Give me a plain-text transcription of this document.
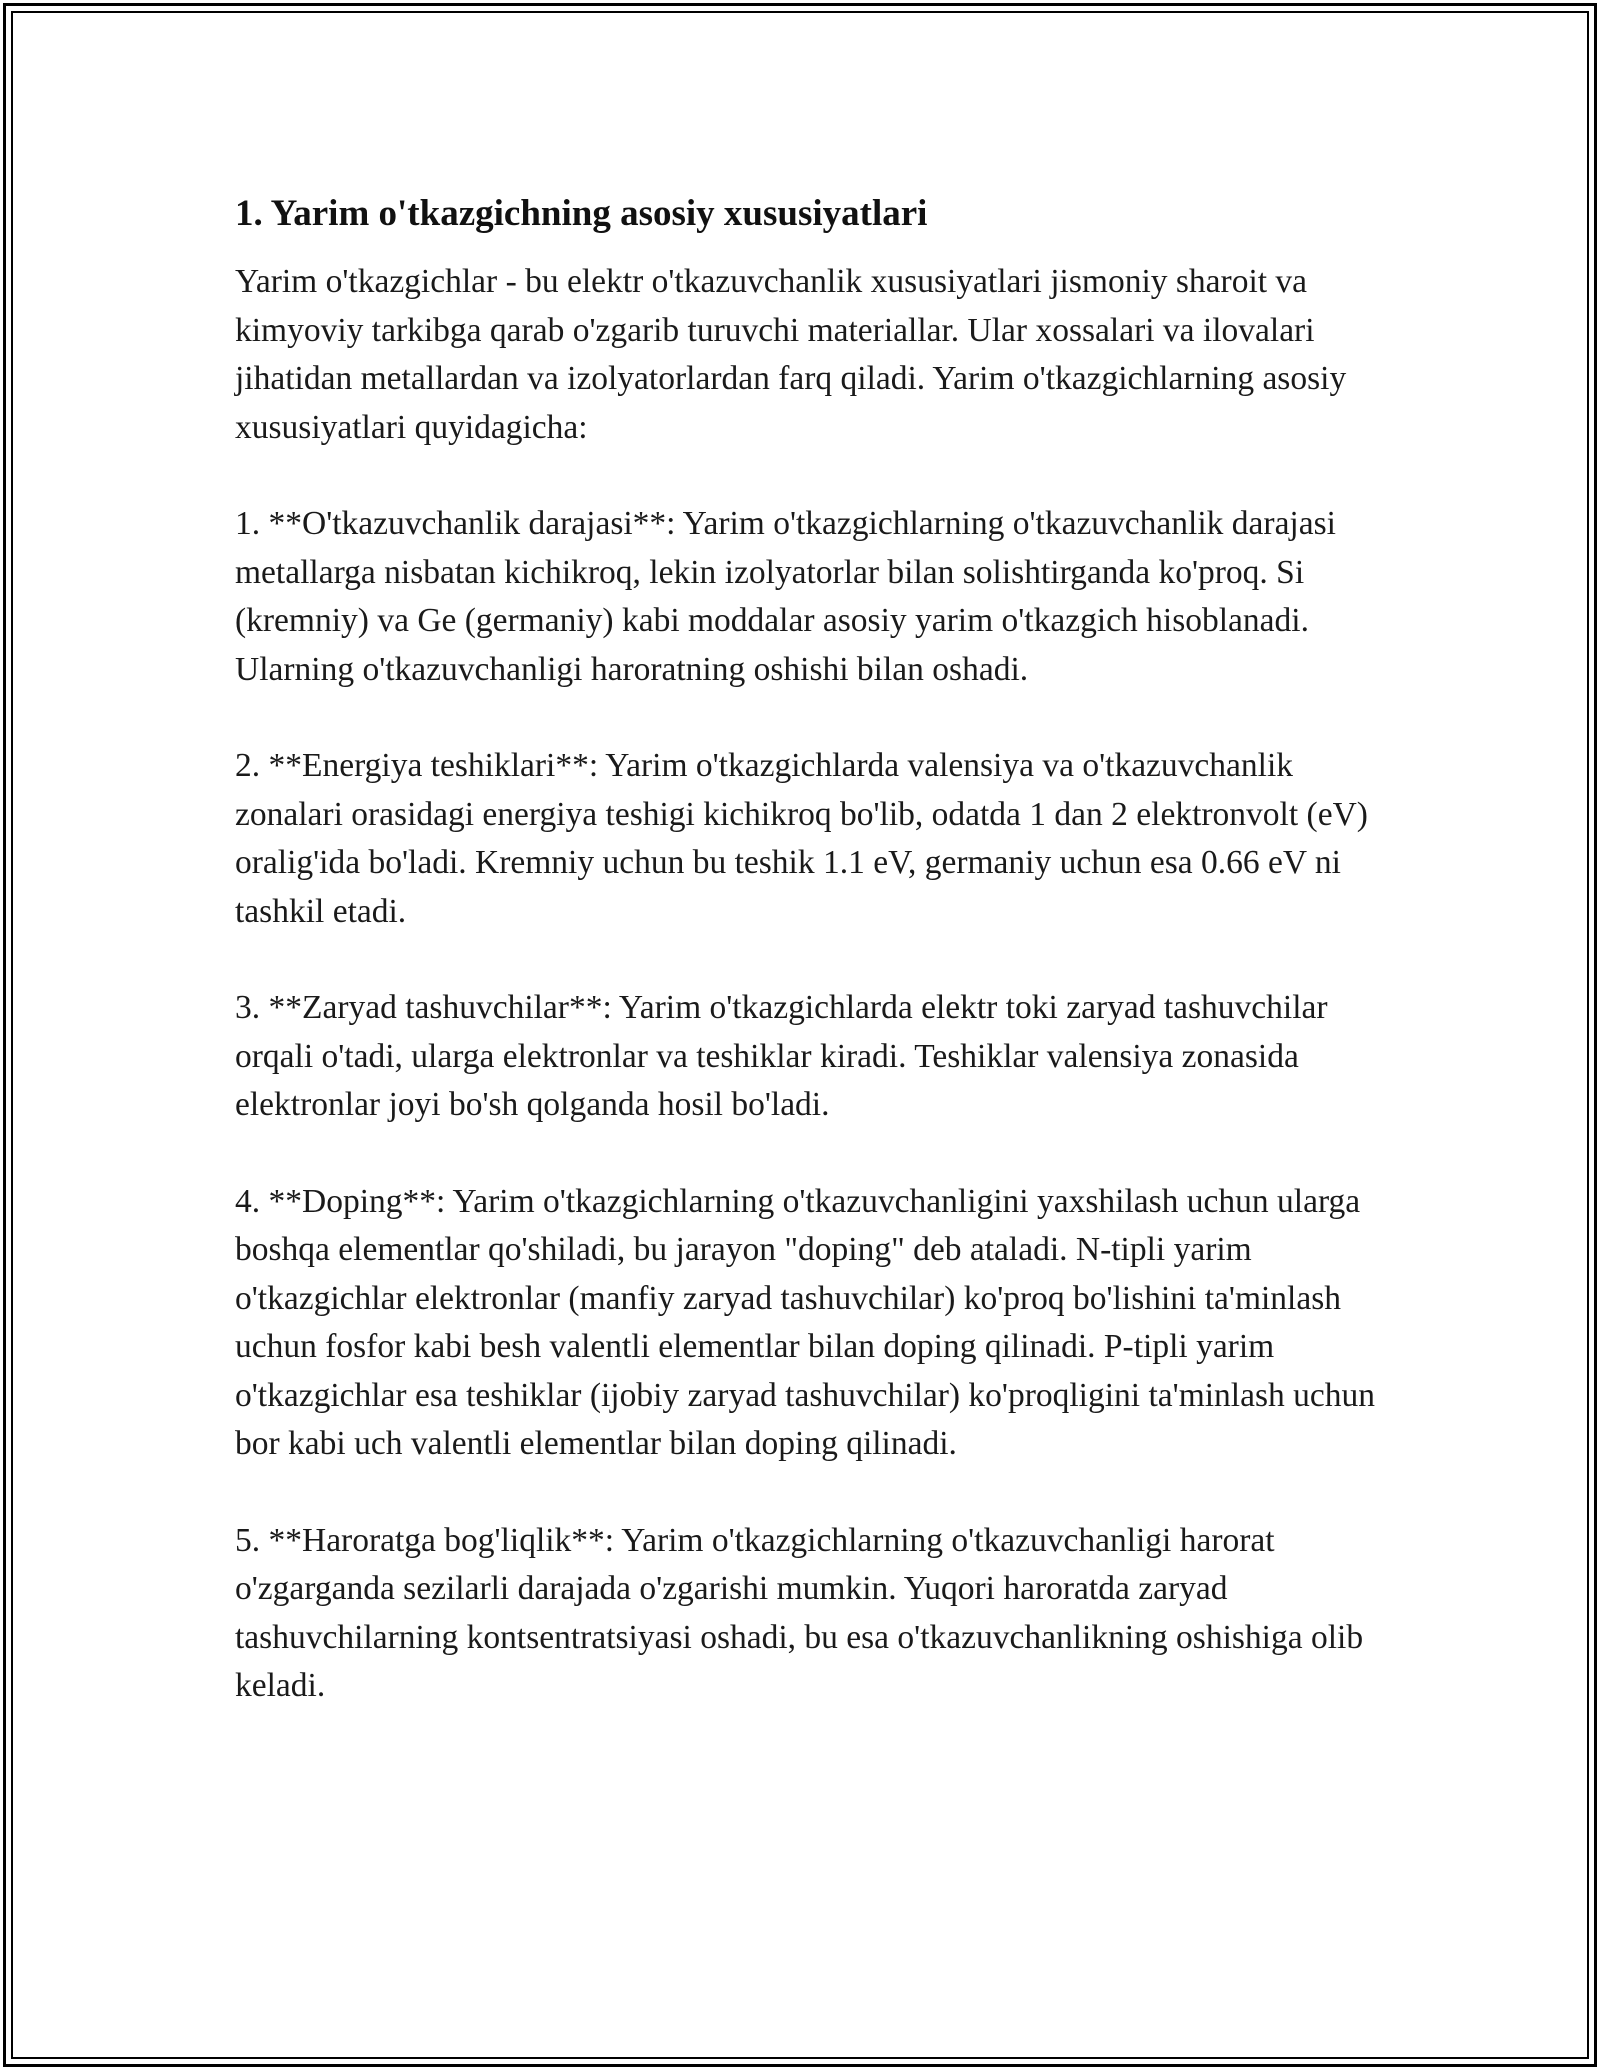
1. Yarim o'tkazgichning asosiy xususiyatlari

Yarim o'tkazgichlar - bu elektr o'tkazuvchanlik xususiyatlari jismoniy sharoit va kimyoviy tarkibga qarab o'zgarib turuvchi materiallar. Ular xossalari va ilovalari jihatidan metallardan va izolyatorlardan farq qiladi. Yarim o'tkazgichlarning asosiy xususiyatlari quyidagicha:

1. **O'tkazuvchanlik darajasi**: Yarim o'tkazgichlarning o'tkazuvchanlik darajasi metallarga nisbatan kichikroq, lekin izolyatorlar bilan solishtirganda ko'proq. Si (kremniy) va Ge (germaniy) kabi moddalar asosiy yarim o'tkazgich hisoblanadi. Ularning o'tkazuvchanligi haroratning oshishi bilan oshadi.

2. **Energiya teshiklari**: Yarim o'tkazgichlarda valensiya va o'tkazuvchanlik zonalari orasidagi energiya teshigi kichikroq bo'lib, odatda 1 dan 2 elektronvolt (eV) oralig'ida bo'ladi. Kremniy uchun bu teshik 1.1 eV, germaniy uchun esa 0.66 eV ni tashkil etadi.

3. **Zaryad tashuvchilar**: Yarim o'tkazgichlarda elektr toki zaryad tashuvchilar orqali o'tadi, ularga elektronlar va teshiklar kiradi. Teshiklar valensiya zonasida elektronlar joyi bo'sh qolganda hosil bo'ladi.

4. **Doping**: Yarim o'tkazgichlarning o'tkazuvchanligini yaxshilash uchun ularga boshqa elementlar qo'shiladi, bu jarayon "doping" deb ataladi. N-tipli yarim o'tkazgichlar elektronlar (manfiy zaryad tashuvchilar) ko'proq bo'lishini ta'minlash uchun fosfor kabi besh valentli elementlar bilan doping qilinadi. P-tipli yarim o'tkazgichlar esa teshiklar (ijobiy zaryad tashuvchilar) ko'proqligini ta'minlash uchun bor kabi uch valentli elementlar bilan doping qilinadi.

5. **Haroratga bog'liqlik**: Yarim o'tkazgichlarning o'tkazuvchanligi harorat o'zgarganda sezilarli darajada o'zgarishi mumkin. Yuqori haroratda zaryad tashuvchilarning kontsentratsiyasi oshadi, bu esa o'tkazuvchanlikning oshishiga olib keladi.
